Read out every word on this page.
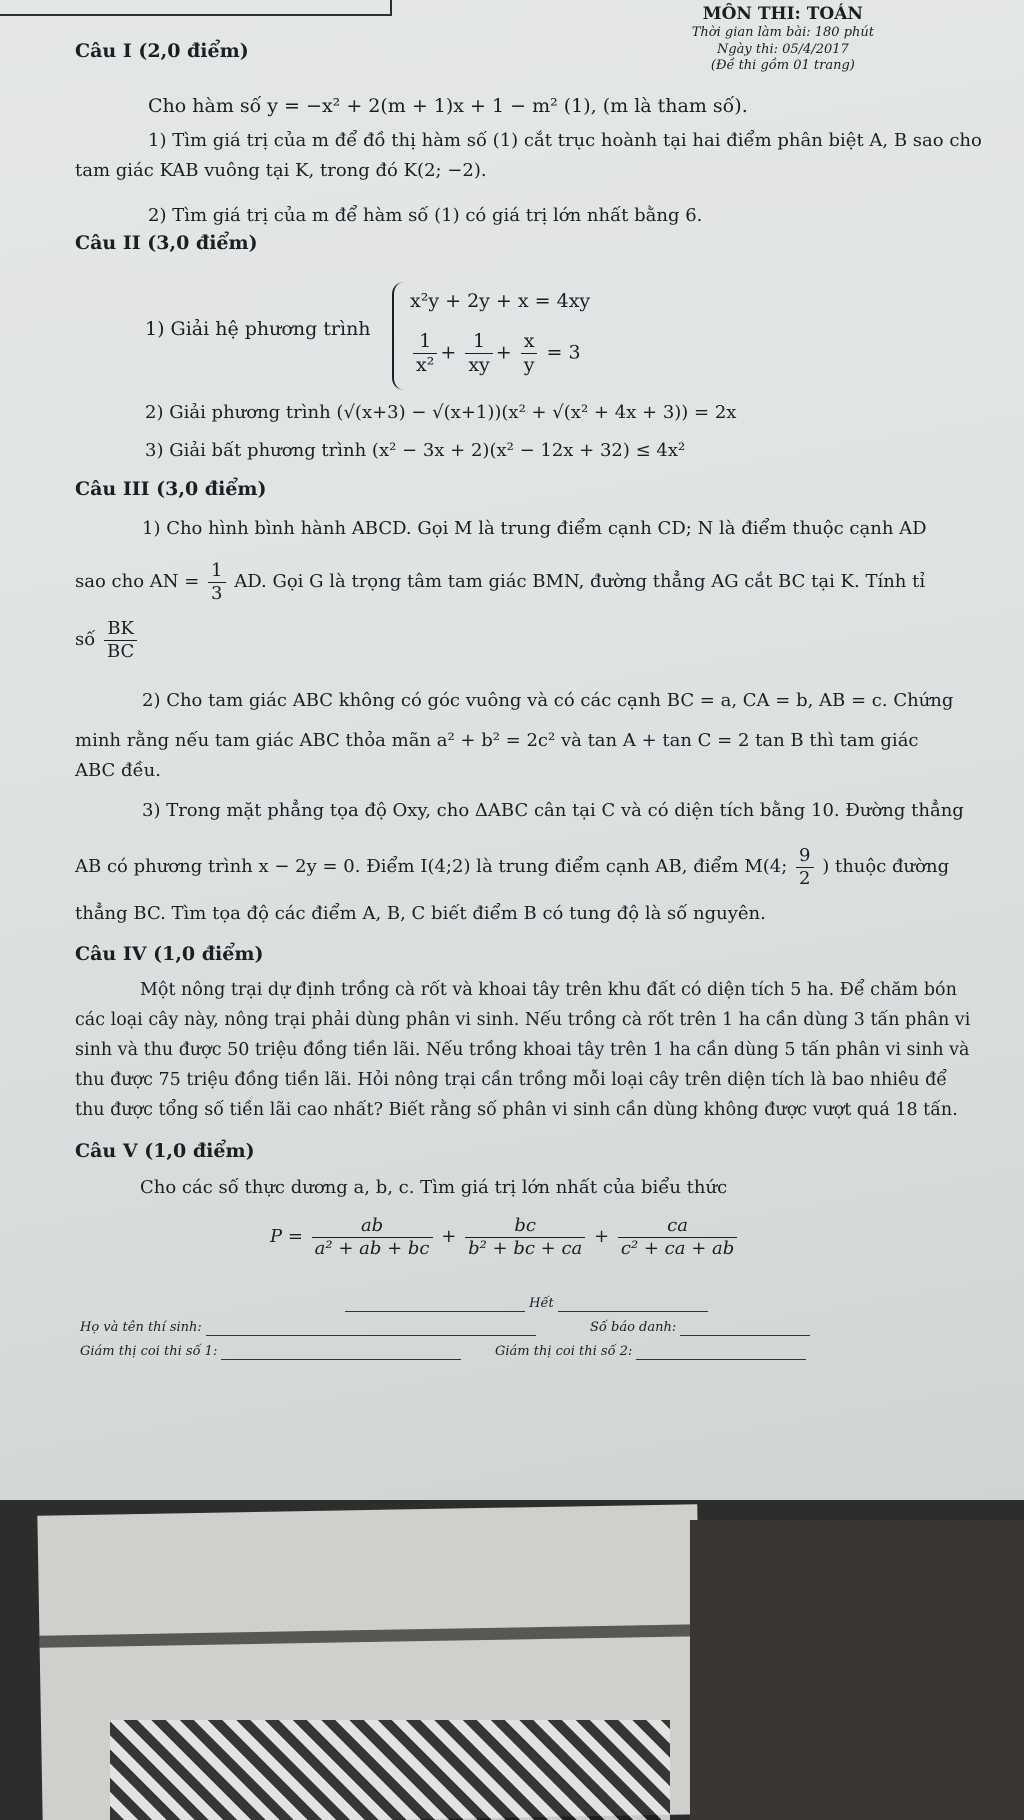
MÔN THI: TOÁN
Thời gian làm bài: 180 phút
Ngày thi: 05/4/2017
(Đề thi gồm 01 trang)
Câu I (2,0 điểm)
Cho hàm số y = −x² + 2(m + 1)x + 1 − m² (1), (m là tham số).
1) Tìm giá trị của m để đồ thị hàm số (1) cắt trục hoành tại hai điểm phân biệt A, B sao cho
tam giác KAB vuông tại K, trong đó K(2; −2).
2) Tìm giá trị của m để hàm số (1) có giá trị lớn nhất bằng 6.
Câu II (3,0 điểm)
1) Giải hệ phương trình
x²y + 2y + x = 4xy
$\frac{1}{\text{x²}} + \frac{1}{xy} + \frac{x}{y} = 3$
2) Giải phương trình (√(x+3) − √(x+1))(x² + √(x² + 4x + 3)) = 2x
3) Giải bất phương trình (x² − 3x + 2)(x² − 12x + 32) ≤ 4x²
Câu III (3,0 điểm)
1) Cho hình bình hành ABCD. Gọi M là trung điểm cạnh CD; N là điểm thuộc cạnh AD
sao cho AN = $\frac{1}{3}$ AD. Gọi G là trọng tâm tam giác BMN, đường thẳng AG cắt BC tại K. Tính tỉ
số $\frac{BK}{BC}$
2) Cho tam giác ABC không có góc vuông và có các cạnh BC = a, CA = b, AB = c. Chứng
minh rằng nếu tam giác ABC thỏa mãn a² + b² = 2c² và tan A + tan C = 2 tan B thì tam giác
ABC đều.
3) Trong mặt phẳng tọa độ Oxy, cho ΔABC cân tại C và có diện tích bằng 10. Đường thẳng
AB có phương trình x − 2y = 0. Điểm I(4;2) là trung điểm cạnh AB, điểm M(4; $\frac{9}{2}$ ) thuộc đường
thẳng BC. Tìm tọa độ các điểm A, B, C biết điểm B có tung độ là số nguyên.
Câu IV (1,0 điểm)
Một nông trại dự định trồng cà rốt và khoai tây trên khu đất có diện tích 5 ha. Để chăm bón
các loại cây này, nông trại phải dùng phân vi sinh. Nếu trồng cà rốt trên 1 ha cần dùng 3 tấn phân vi
sinh và thu được 50 triệu đồng tiền lãi. Nếu trồng khoai tây trên 1 ha cần dùng 5 tấn phân vi sinh và
thu được 75 triệu đồng tiền lãi. Hỏi nông trại cần trồng mỗi loại cây trên diện tích là bao nhiêu để
thu được tổng số tiền lãi cao nhất? Biết rằng số phân vi sinh cần dùng không được vượt quá 18 tấn.
Câu V (1,0 điểm)
Cho các số thực dương a, b, c. Tìm giá trị lớn nhất của biểu thức
$P = \frac{ab}{\text{a² + ab + bc}} + \frac{bc}{\text{b² + bc + ca}} + \frac{ca}{\text{c² + ca + ab}}$
Hết
Họ và tên thí sinh:	Số báo danh:
Giám thị coi thi số 1:	Giám thị coi thi số 2:
